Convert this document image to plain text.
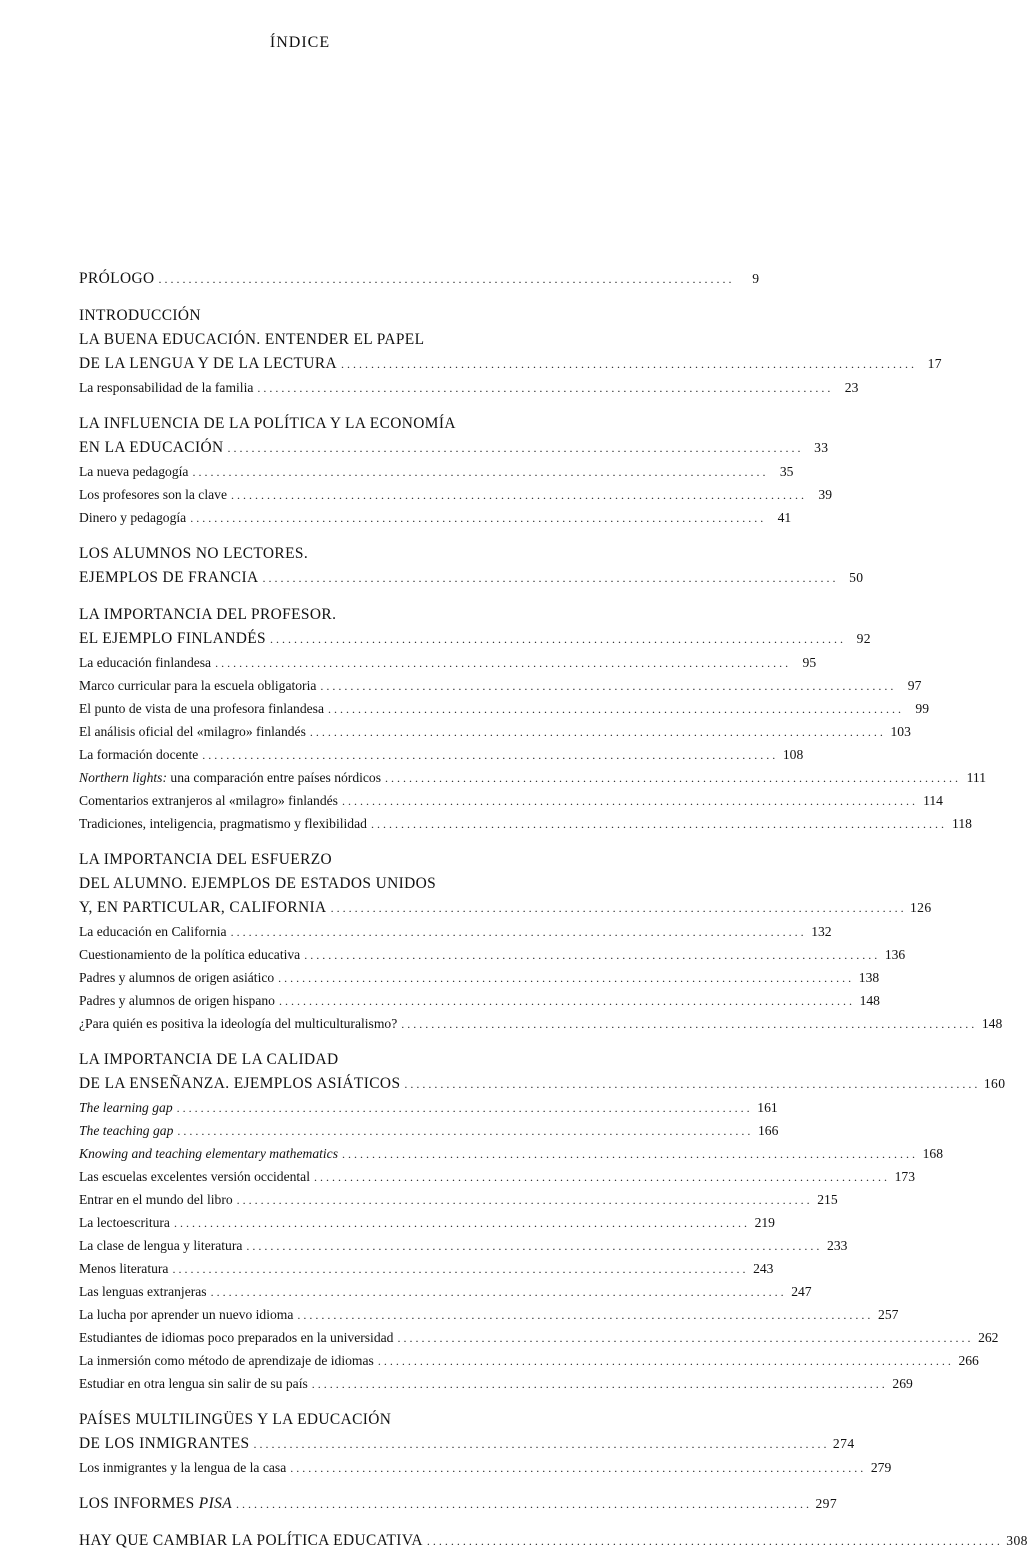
ÍNDICE
PRÓLOGO . . .	9
INTRODUCCIÓN
LA BUENA EDUCACIÓN. ENTENDER EL PAPEL
DE LA LENGUA Y DE LA LECTURA . . .	17
La responsabilidad de la familia . . .	23
LA INFLUENCIA DE LA POLÍTICA Y LA ECONOMÍA
EN LA EDUCACIÓN . . .	33
La nueva pedagogía . . .	35
Los profesores son la clave . . .	39
Dinero y pedagogía . . .	41
LOS ALUMNOS NO LECTORES.
EJEMPLOS DE FRANCIA . . .	50
LA IMPORTANCIA DEL PROFESOR.
EL EJEMPLO FINLANDÉS . . .	92
La educación finlandesa . . .	95
Marco curricular para la escuela obligatoria . . .	97
El punto de vista de una profesora finlandesa . . .	99
El análisis oficial del «milagro» finlandés . . .	103
La formación docente . . .	108
Northern lights: una comparación entre países nórdicos . . .	111
Comentarios extranjeros al «milagro» finlandés . . .	114
Tradiciones, inteligencia, pragmatismo y flexibilidad . . .	118
LA IMPORTANCIA DEL ESFUERZO
DEL ALUMNO. EJEMPLOS DE ESTADOS UNIDOS
Y, EN PARTICULAR, CALIFORNIA . . .	126
La educación en California . . .	132
Cuestionamiento de la política educativa . . .	136
Padres y alumnos de origen asiático . . .	138
Padres y alumnos de origen hispano . . .	148
¿Para quién es positiva la ideología del multiculturalismo? . . .	148
LA IMPORTANCIA DE LA CALIDAD
DE LA ENSEÑANZA. EJEMPLOS ASIÁTICOS . . .	160
The learning gap . . .	161
The teaching gap . . .	166
Knowing and teaching elementary mathematics . . .	168
Las escuelas excelentes versión occidental . . .	173
Entrar en el mundo del libro . . .	215
La lectoescritura . . .	219
La clase de lengua y literatura . . .	233
Menos literatura . . .	243
Las lenguas extranjeras . . .	247
La lucha por aprender un nuevo idioma . . .	257
Estudiantes de idiomas poco preparados en la universidad . . .	262
La inmersión como método de aprendizaje de idiomas . . .	266
Estudiar en otra lengua sin salir de su país . . .	269
PAÍSES MULTILINGÜES Y LA EDUCACIÓN
DE LOS INMIGRANTES . . .	274
Los inmigrantes y la lengua de la casa . . .	279
LOS INFORMES PISA . . .	297
HAY QUE CAMBIAR LA POLÍTICA EDUCATIVA . . .	308
